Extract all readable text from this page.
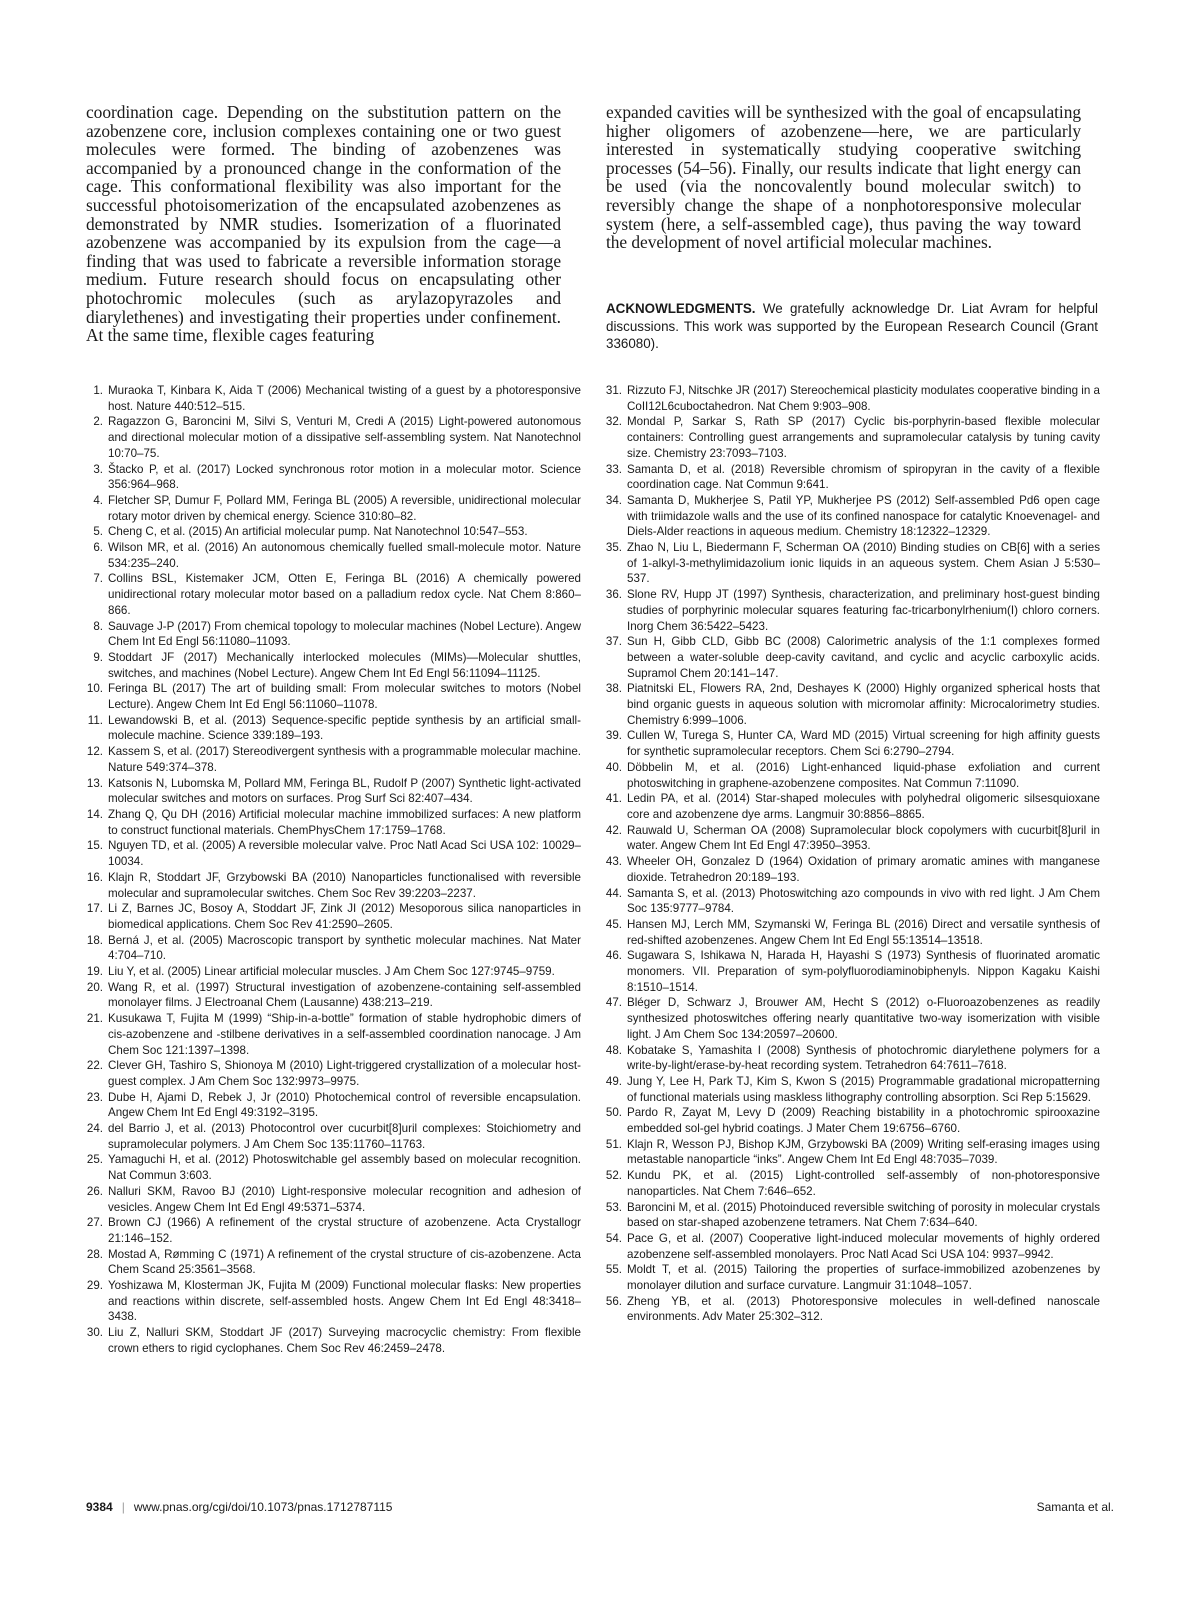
coordination cage. Depending on the substitution pattern on the azobenzene core, inclusion complexes containing one or two guest molecules were formed. The binding of azobenzenes was accompanied by a pronounced change in the conformation of the cage. This conformational flexibility was also important for the successful photoisomerization of the encapsulated azobenzenes as demonstrated by NMR studies. Isomerization of a fluorinated azobenzene was accompanied by its expulsion from the cage—a finding that was used to fabricate a reversible information storage medium. Future research should focus on encapsulating other photochromic molecules (such as arylazopyrazoles and diarylethenes) and investigating their properties under confinement. At the same time, flexible cages featuring
expanded cavities will be synthesized with the goal of encapsulating higher oligomers of azobenzene—here, we are particularly interested in systematically studying cooperative switching processes (54–56). Finally, our results indicate that light energy can be used (via the noncovalently bound molecular switch) to reversibly change the shape of a nonphotoresponsive molecular system (here, a self-assembled cage), thus paving the way toward the development of novel artificial molecular machines.
ACKNOWLEDGMENTS. We gratefully acknowledge Dr. Liat Avram for helpful discussions. This work was supported by the European Research Council (Grant 336080).
1. Muraoka T, Kinbara K, Aida T (2006) Mechanical twisting of a guest by a photoresponsive host. Nature 440:512–515.
2. Ragazzon G, Baroncini M, Silvi S, Venturi M, Credi A (2015) Light-powered autonomous and directional molecular motion of a dissipative self-assembling system. Nat Nanotechnol 10:70–75.
3. Štacko P, et al. (2017) Locked synchronous rotor motion in a molecular motor. Science 356:964–968.
4. Fletcher SP, Dumur F, Pollard MM, Feringa BL (2005) A reversible, unidirectional molecular rotary motor driven by chemical energy. Science 310:80–82.
5. Cheng C, et al. (2015) An artificial molecular pump. Nat Nanotechnol 10:547–553.
6. Wilson MR, et al. (2016) An autonomous chemically fuelled small-molecule motor. Nature 534:235–240.
7. Collins BSL, Kistemaker JCM, Otten E, Feringa BL (2016) A chemically powered unidirectional rotary molecular motor based on a palladium redox cycle. Nat Chem 8:860–866.
8. Sauvage J-P (2017) From chemical topology to molecular machines (Nobel Lecture). Angew Chem Int Ed Engl 56:11080–11093.
9. Stoddart JF (2017) Mechanically interlocked molecules (MIMs)—Molecular shuttles, switches, and machines (Nobel Lecture). Angew Chem Int Ed Engl 56:11094–11125.
10. Feringa BL (2017) The art of building small: From molecular switches to motors (Nobel Lecture). Angew Chem Int Ed Engl 56:11060–11078.
11. Lewandowski B, et al. (2013) Sequence-specific peptide synthesis by an artificial small-molecule machine. Science 339:189–193.
12. Kassem S, et al. (2017) Stereodivergent synthesis with a programmable molecular machine. Nature 549:374–378.
13. Katsonis N, Lubomska M, Pollard MM, Feringa BL, Rudolf P (2007) Synthetic light-activated molecular switches and motors on surfaces. Prog Surf Sci 82:407–434.
14. Zhang Q, Qu DH (2016) Artificial molecular machine immobilized surfaces: A new platform to construct functional materials. ChemPhysChem 17:1759–1768.
15. Nguyen TD, et al. (2005) A reversible molecular valve. Proc Natl Acad Sci USA 102: 10029–10034.
16. Klajn R, Stoddart JF, Grzybowski BA (2010) Nanoparticles functionalised with reversible molecular and supramolecular switches. Chem Soc Rev 39:2203–2237.
17. Li Z, Barnes JC, Bosoy A, Stoddart JF, Zink JI (2012) Mesoporous silica nanoparticles in biomedical applications. Chem Soc Rev 41:2590–2605.
18. Berná J, et al. (2005) Macroscopic transport by synthetic molecular machines. Nat Mater 4:704–710.
19. Liu Y, et al. (2005) Linear artificial molecular muscles. J Am Chem Soc 127:9745–9759.
20. Wang R, et al. (1997) Structural investigation of azobenzene-containing self-assembled monolayer films. J Electroanal Chem (Lausanne) 438:213–219.
21. Kusukawa T, Fujita M (1999) “Ship-in-a-bottle” formation of stable hydrophobic dimers of cis-azobenzene and -stilbene derivatives in a self-assembled coordination nanocage. J Am Chem Soc 121:1397–1398.
22. Clever GH, Tashiro S, Shionoya M (2010) Light-triggered crystallization of a molecular host-guest complex. J Am Chem Soc 132:9973–9975.
23. Dube H, Ajami D, Rebek J, Jr (2010) Photochemical control of reversible encapsulation. Angew Chem Int Ed Engl 49:3192–3195.
24. del Barrio J, et al. (2013) Photocontrol over cucurbit[8]uril complexes: Stoichiometry and supramolecular polymers. J Am Chem Soc 135:11760–11763.
25. Yamaguchi H, et al. (2012) Photoswitchable gel assembly based on molecular recognition. Nat Commun 3:603.
26. Nalluri SKM, Ravoo BJ (2010) Light-responsive molecular recognition and adhesion of vesicles. Angew Chem Int Ed Engl 49:5371–5374.
27. Brown CJ (1966) A refinement of the crystal structure of azobenzene. Acta Crystallogr 21:146–152.
28. Mostad A, Rømming C (1971) A refinement of the crystal structure of cis-azobenzene. Acta Chem Scand 25:3561–3568.
29. Yoshizawa M, Klosterman JK, Fujita M (2009) Functional molecular flasks: New properties and reactions within discrete, self-assembled hosts. Angew Chem Int Ed Engl 48:3418–3438.
30. Liu Z, Nalluri SKM, Stoddart JF (2017) Surveying macrocyclic chemistry: From flexible crown ethers to rigid cyclophanes. Chem Soc Rev 46:2459–2478.
31. Rizzuto FJ, Nitschke JR (2017) Stereochemical plasticity modulates cooperative binding in a CoII12L6cuboctahedron. Nat Chem 9:903–908.
32. Mondal P, Sarkar S, Rath SP (2017) Cyclic bis-porphyrin-based flexible molecular containers: Controlling guest arrangements and supramolecular catalysis by tuning cavity size. Chemistry 23:7093–7103.
33. Samanta D, et al. (2018) Reversible chromism of spiropyran in the cavity of a flexible coordination cage. Nat Commun 9:641.
34. Samanta D, Mukherjee S, Patil YP, Mukherjee PS (2012) Self-assembled Pd6 open cage with triimidazole walls and the use of its confined nanospace for catalytic Knoevenagel- and Diels-Alder reactions in aqueous medium. Chemistry 18:12322–12329.
35. Zhao N, Liu L, Biedermann F, Scherman OA (2010) Binding studies on CB[6] with a series of 1-alkyl-3-methylimidazolium ionic liquids in an aqueous system. Chem Asian J 5:530–537.
36. Slone RV, Hupp JT (1997) Synthesis, characterization, and preliminary host-guest binding studies of porphyrinic molecular squares featuring fac-tricarbonylrhenium(I) chloro corners. Inorg Chem 36:5422–5423.
37. Sun H, Gibb CLD, Gibb BC (2008) Calorimetric analysis of the 1:1 complexes formed between a water-soluble deep-cavity cavitand, and cyclic and acyclic carboxylic acids. Supramol Chem 20:141–147.
38. Piatnitski EL, Flowers RA, 2nd, Deshayes K (2000) Highly organized spherical hosts that bind organic guests in aqueous solution with micromolar affinity: Microcalorimetry studies. Chemistry 6:999–1006.
39. Cullen W, Turega S, Hunter CA, Ward MD (2015) Virtual screening for high affinity guests for synthetic supramolecular receptors. Chem Sci 6:2790–2794.
40. Döbbelin M, et al. (2016) Light-enhanced liquid-phase exfoliation and current photoswitching in graphene-azobenzene composites. Nat Commun 7:11090.
41. Ledin PA, et al. (2014) Star-shaped molecules with polyhedral oligomeric silsesquioxane core and azobenzene dye arms. Langmuir 30:8856–8865.
42. Rauwald U, Scherman OA (2008) Supramolecular block copolymers with cucurbit[8]uril in water. Angew Chem Int Ed Engl 47:3950–3953.
43. Wheeler OH, Gonzalez D (1964) Oxidation of primary aromatic amines with manganese dioxide. Tetrahedron 20:189–193.
44. Samanta S, et al. (2013) Photoswitching azo compounds in vivo with red light. J Am Chem Soc 135:9777–9784.
45. Hansen MJ, Lerch MM, Szymanski W, Feringa BL (2016) Direct and versatile synthesis of red-shifted azobenzenes. Angew Chem Int Ed Engl 55:13514–13518.
46. Sugawara S, Ishikawa N, Harada H, Hayashi S (1973) Synthesis of fluorinated aromatic monomers. VII. Preparation of sym-polyfluorodiaminobiphenyls. Nippon Kagaku Kaishi 8:1510–1514.
47. Bléger D, Schwarz J, Brouwer AM, Hecht S (2012) o-Fluoroazobenzenes as readily synthesized photoswitches offering nearly quantitative two-way isomerization with visible light. J Am Chem Soc 134:20597–20600.
48. Kobatake S, Yamashita I (2008) Synthesis of photochromic diarylethene polymers for a write-by-light/erase-by-heat recording system. Tetrahedron 64:7611–7618.
49. Jung Y, Lee H, Park TJ, Kim S, Kwon S (2015) Programmable gradational micropatterning of functional materials using maskless lithography controlling absorption. Sci Rep 5:15629.
50. Pardo R, Zayat M, Levy D (2009) Reaching bistability in a photochromic spirooxazine embedded sol-gel hybrid coatings. J Mater Chem 19:6756–6760.
51. Klajn R, Wesson PJ, Bishop KJM, Grzybowski BA (2009) Writing self-erasing images using metastable nanoparticle “inks”. Angew Chem Int Ed Engl 48:7035–7039.
52. Kundu PK, et al. (2015) Light-controlled self-assembly of non-photoresponsive nanoparticles. Nat Chem 7:646–652.
53. Baroncini M, et al. (2015) Photoinduced reversible switching of porosity in molecular crystals based on star-shaped azobenzene tetramers. Nat Chem 7:634–640.
54. Pace G, et al. (2007) Cooperative light-induced molecular movements of highly ordered azobenzene self-assembled monolayers. Proc Natl Acad Sci USA 104: 9937–9942.
55. Moldt T, et al. (2015) Tailoring the properties of surface-immobilized azobenzenes by monolayer dilution and surface curvature. Langmuir 31:1048–1057.
56. Zheng YB, et al. (2013) Photoresponsive molecules in well-defined nanoscale environments. Adv Mater 25:302–312.
9384 | www.pnas.org/cgi/doi/10.1073/pnas.1712787115	Samanta et al.
